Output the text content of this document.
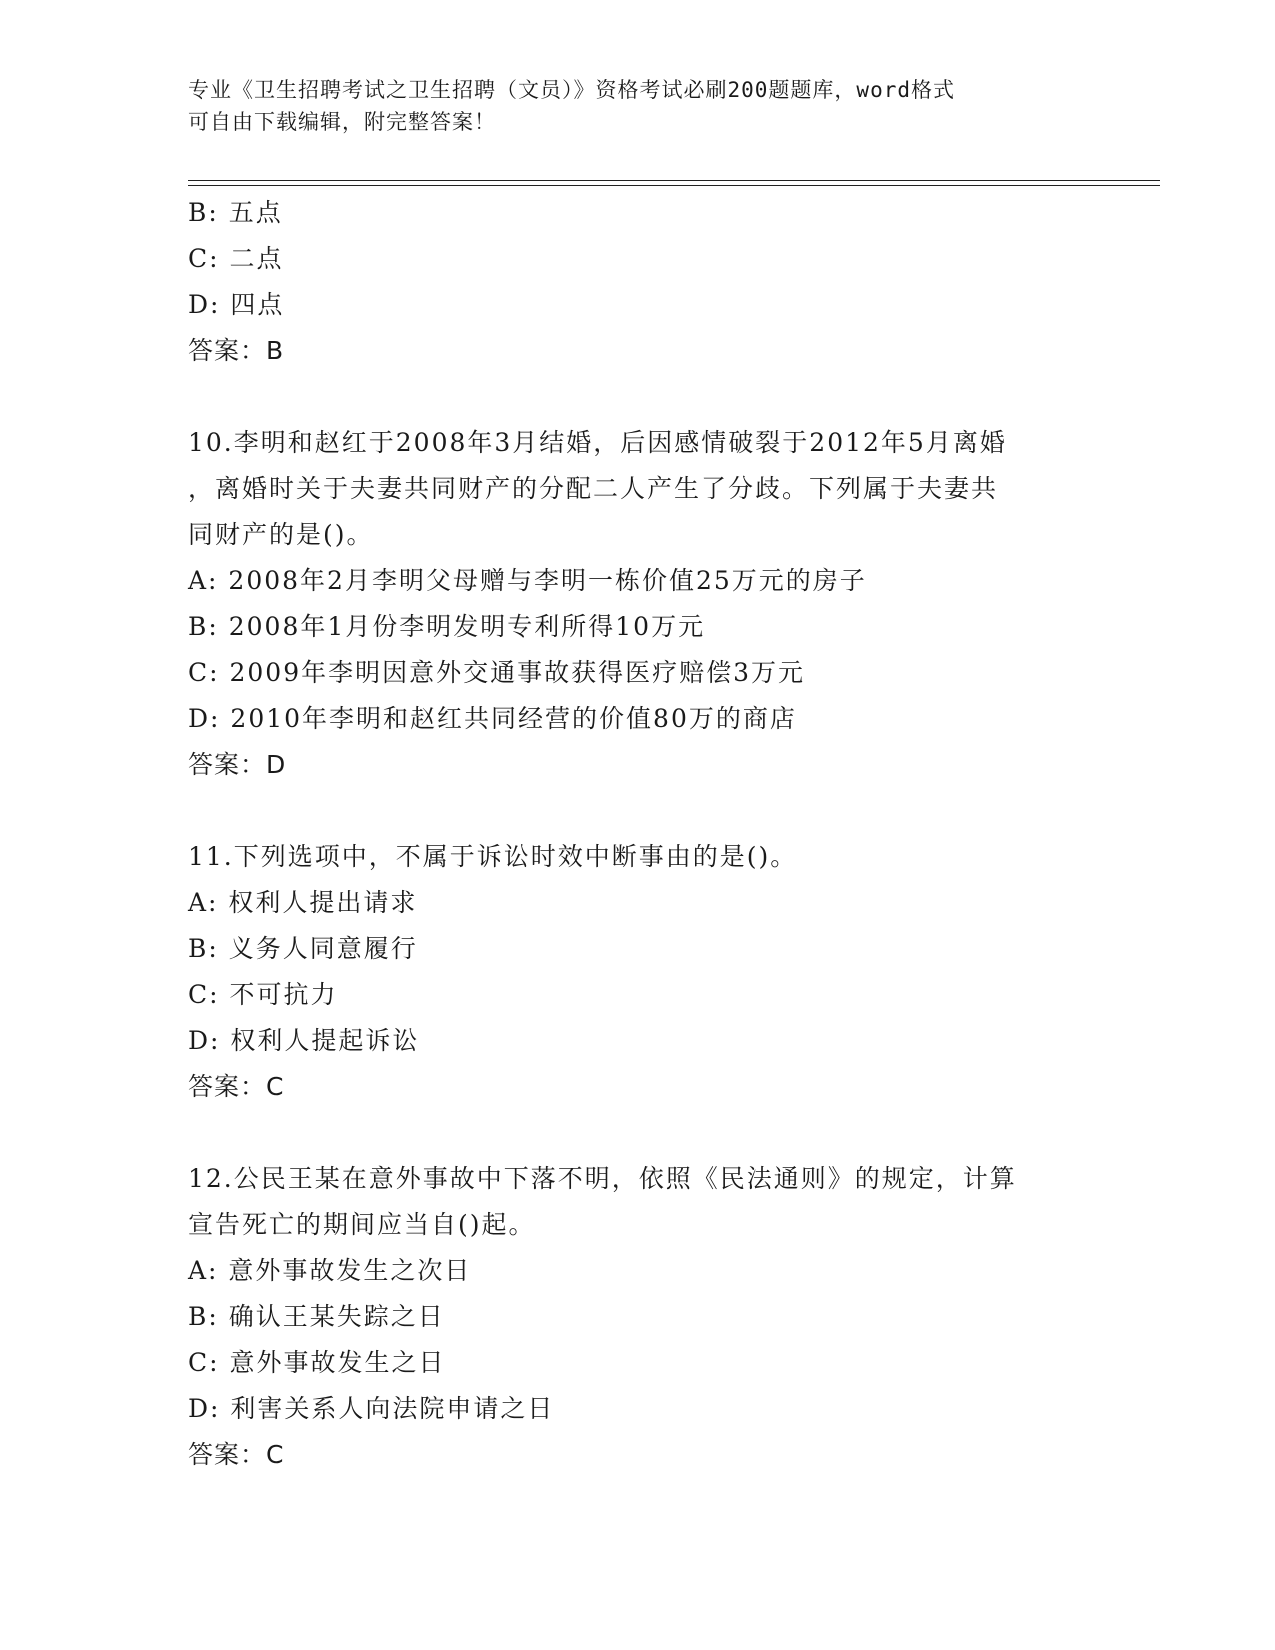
专业《卫生招聘考试之卫生招聘（文员）》资格考试必刷200题题库，word格式
可自由下载编辑，附完整答案！
B: 五点
C: 二点
D: 四点
答案：B
10.李明和赵红于2008年3月结婚，后因感情破裂于2012年5月离婚
，离婚时关于夫妻共同财产的分配二人产生了分歧。下列属于夫妻共
同财产的是()。
A: 2008年2月李明父母赠与李明一栋价值25万元的房子
B: 2008年1月份李明发明专利所得10万元
C: 2009年李明因意外交通事故获得医疗赔偿3万元
D: 2010年李明和赵红共同经营的价值80万的商店
答案：D
11.下列选项中，不属于诉讼时效中断事由的是()。
A: 权利人提出请求
B: 义务人同意履行
C: 不可抗力
D: 权利人提起诉讼
答案：C
12.公民王某在意外事故中下落不明，依照《民法通则》的规定，计算
宣告死亡的期间应当自()起。
A: 意外事故发生之次日
B: 确认王某失踪之日
C: 意外事故发生之日
D: 利害关系人向法院申请之日
答案：C
